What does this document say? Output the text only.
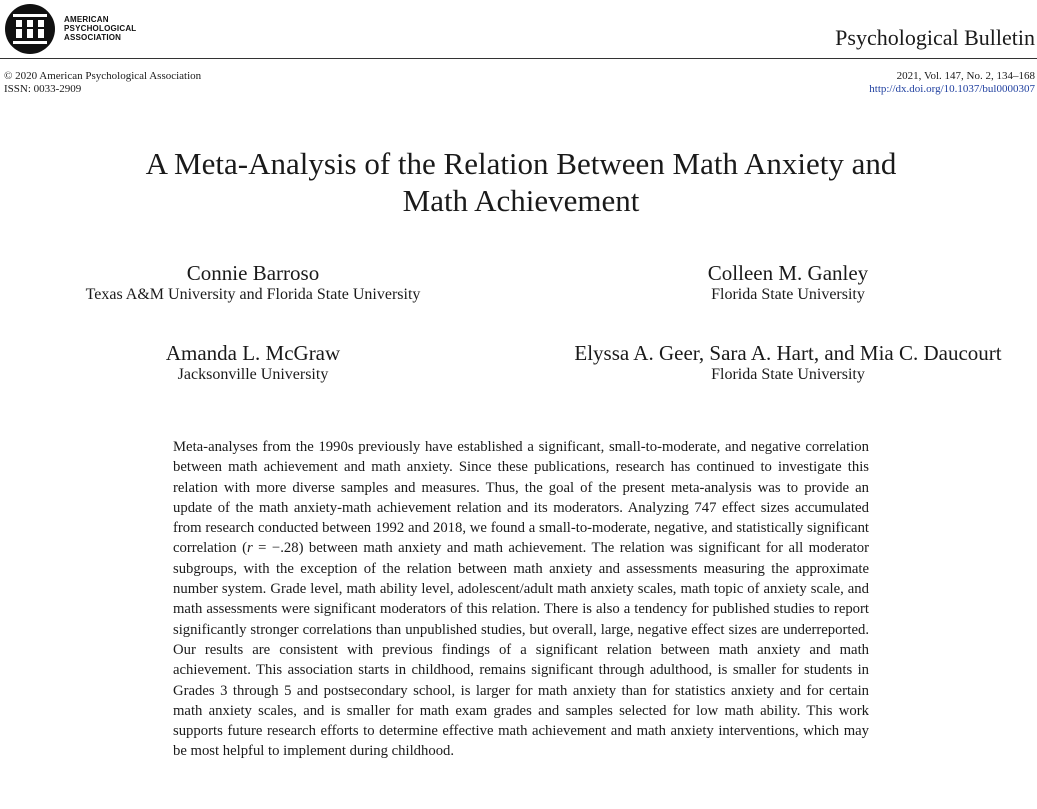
AMERICAN
PSYCHOLOGICAL
ASSOCIATION	Psychological Bulletin
© 2020 American Psychological Association
ISSN: 0033-2909
2021, Vol. 147, No. 2, 134–168
http://dx.doi.org/10.1037/bul0000307
A Meta-Analysis of the Relation Between Math Anxiety and
Math Achievement
Connie Barroso
Texas A&M University and Florida State University
Colleen M. Ganley
Florida State University
Amanda L. McGraw
Jacksonville University
Elyssa A. Geer, Sara A. Hart, and Mia C. Daucourt
Florida State University
Meta-analyses from the 1990s previously have established a significant, small-to-moderate, and negative correlation between math achievement and math anxiety. Since these publications, research has continued to investigate this relation with more diverse samples and measures. Thus, the goal of the present meta-analysis was to provide an update of the math anxiety-math achievement relation and its moderators. Analyzing 747 effect sizes accumulated from research conducted between 1992 and 2018, we found a small-to-moderate, negative, and statistically significant correlation (r = −.28) between math anxiety and math achievement. The relation was significant for all moderator subgroups, with the exception of the relation between math anxiety and assessments measuring the approximate number system. Grade level, math ability level, adolescent/adult math anxiety scales, math topic of anxiety scale, and math assessments were significant moderators of this relation. There is also a tendency for published studies to report significantly stronger correlations than unpublished studies, but overall, large, negative effect sizes are underreported. Our results are consistent with previous findings of a significant relation between math anxiety and math achievement. This association starts in childhood, remains significant through adulthood, is smaller for students in Grades 3 through 5 and postsecondary school, is larger for math anxiety than for statistics anxiety and for certain math anxiety scales, and is smaller for math exam grades and samples selected for low math ability. This work supports future research efforts to determine effective math achievement and math anxiety interventions, which may be most helpful to implement during childhood.
